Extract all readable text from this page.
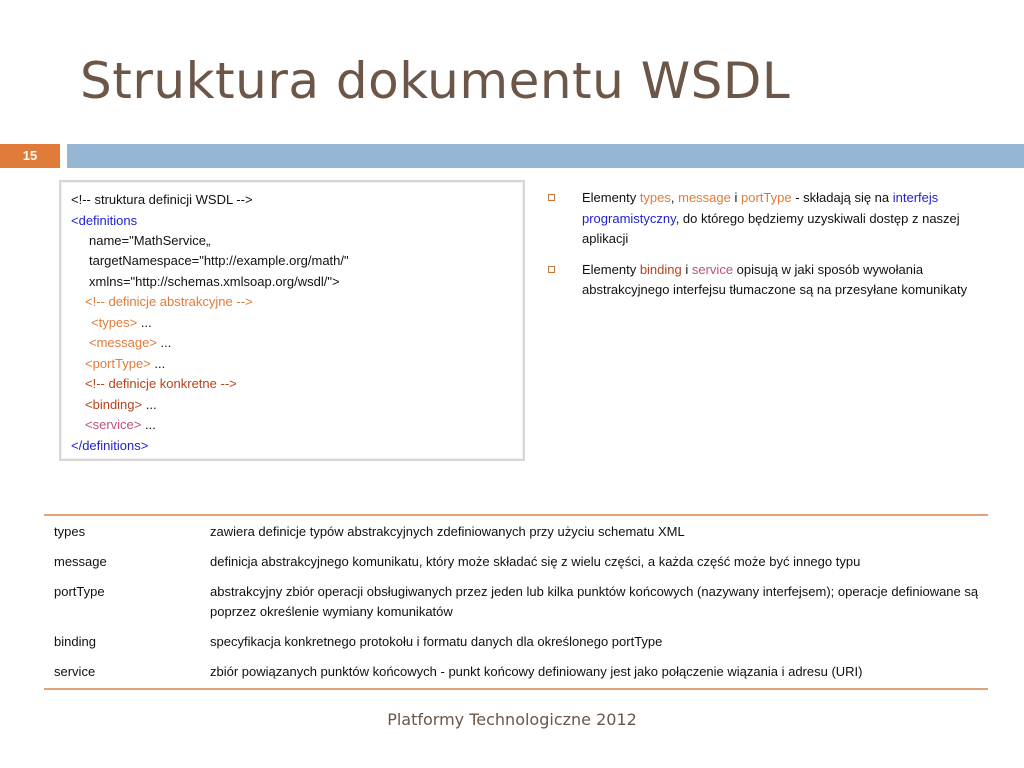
Struktura dokumentu WSDL
15
<!-- struktura definicji WSDL -->
<definitions
name="MathService„
targetNamespace="http://example.org/math/"
xmlns="http://schemas.xmlsoap.org/wsdl/">
<!-- definicje abstrakcyjne -->
<types> ...
<message> ...
<portType> ...
<!-- definicje konkretne -->
<binding> ...
<service> ...
</definitions>
Elementy types, message i portType - składają się na interfejs programistyczny, do którego będziemy uzyskiwali dostęp z naszej aplikacji
Elementy binding i service opisują w jaki sposób wywołania abstrakcyjnego interfejsu tłumaczone są na przesyłane komunikaty
types	zawiera definicje typów abstrakcyjnych zdefiniowanych przy użyciu schematu XML
message	definicja abstrakcyjnego komunikatu, który może składać się z wielu części, a każda część może być innego typu
portType	abstrakcyjny zbiór operacji obsługiwanych przez jeden lub kilka punktów końcowych (nazywany interfejsem); operacje definiowane są poprzez określenie wymiany komunikatów
binding	specyfikacja konkretnego protokołu i formatu danych dla określonego portType
service	zbiór powiązanych punktów końcowych - punkt końcowy definiowany jest jako połączenie wiązania i adresu (URI)
Platformy Technologiczne 2012
